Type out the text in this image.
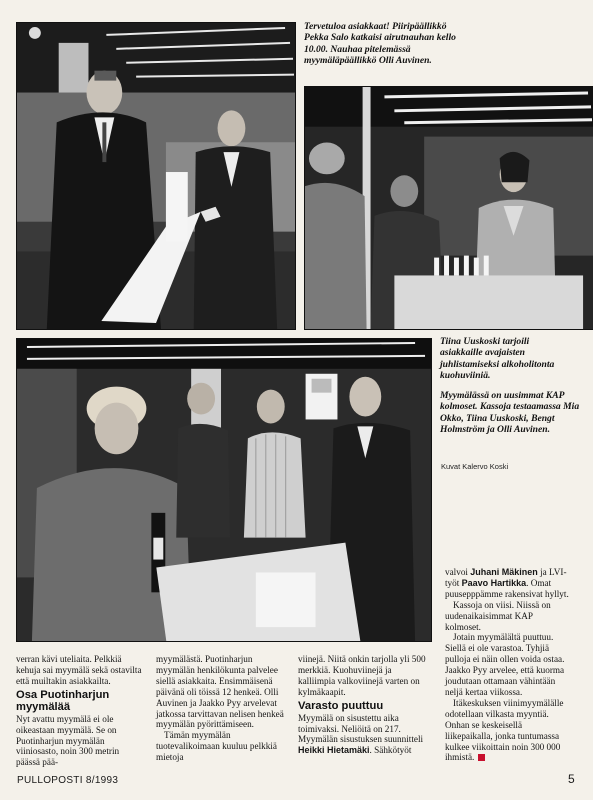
Tervetuloa asiakkaat! Piiripäällikkö Pekka Salo katkaisi airutnauhan kello 10.00. Nauhaa pitelemässä myymäläpäällikkö Olli Auvinen.
Tiina Uuskoski tarjoili asiakkaille avajaisten juhlistamiseksi alkoholitonta kuohuviiniä.
Myymälässä on uusimmat KAP kolmoset. Kassoja testaamassa Mia Okko, Tiina Uuskoski, Bengt Holmström ja Olli Auvinen.
Kuvat Kalervo Koski

valvoi Juhani Mäkinen ja LVI-työt Paavo Hartikka. Omat puusepppämme rakensivat hyllyt.

Kassoja on viisi. Niissä on uudenaikaisimmat KAP kolmoset.

Jotain myymälältä puuttuu. Siellä ei ole varastoa. Tyhjiä pulloja ei näin ollen voida ostaa. Jaakko Pyy arvelee, että kuorma joudutaan ottamaan vähintään neljä kertaa viikossa.

Itäkeskuksen viinimyymälälle odotellaan vilkasta myyntiä. Onhan se keskeisellä liikepaikalla, jonka tuntumassa kulkee viikoittain noin 300 000 ihmistä.

verran kävi uteliaita. Pelkkiä kehuja sai myymälä sekä ostavilta että muiltakin asiakkailta.

Osa Puotinharjun myymälää

Nyt avattu myymälä ei ole oikeastaan myymälä. Se on Puotinharjun myymälän viiniosasto, noin 300 metrin päässä pää-

myymälästä. Puotinharjun myymälän henkilökunta palvelee siellä asiakkaita. Ensimmäisenä päivänä oli töissä 12 henkeä. Olli Auvinen ja Jaakko Pyy arvelevat jatkossa tarvittavan nelisen henkeä myymälän pyörittämiseen.

Tämän myymälän tuotevalikoimaan kuuluu pelkkiä mietoja

viinejä. Niitä onkin tarjolla yli 500 merkkiä. Kuohuviinejä ja kalliimpia valkoviinejä varten on kylmäkaapit.

Varasto puuttuu

Myymälä on sisustettu aika toimivaksi. Neliöitä on 217. Myymälän sisustuksen suunnitteli Heikki Hietamäki. Sähkötyöt

PULLOPOSTI 8/1993	5
